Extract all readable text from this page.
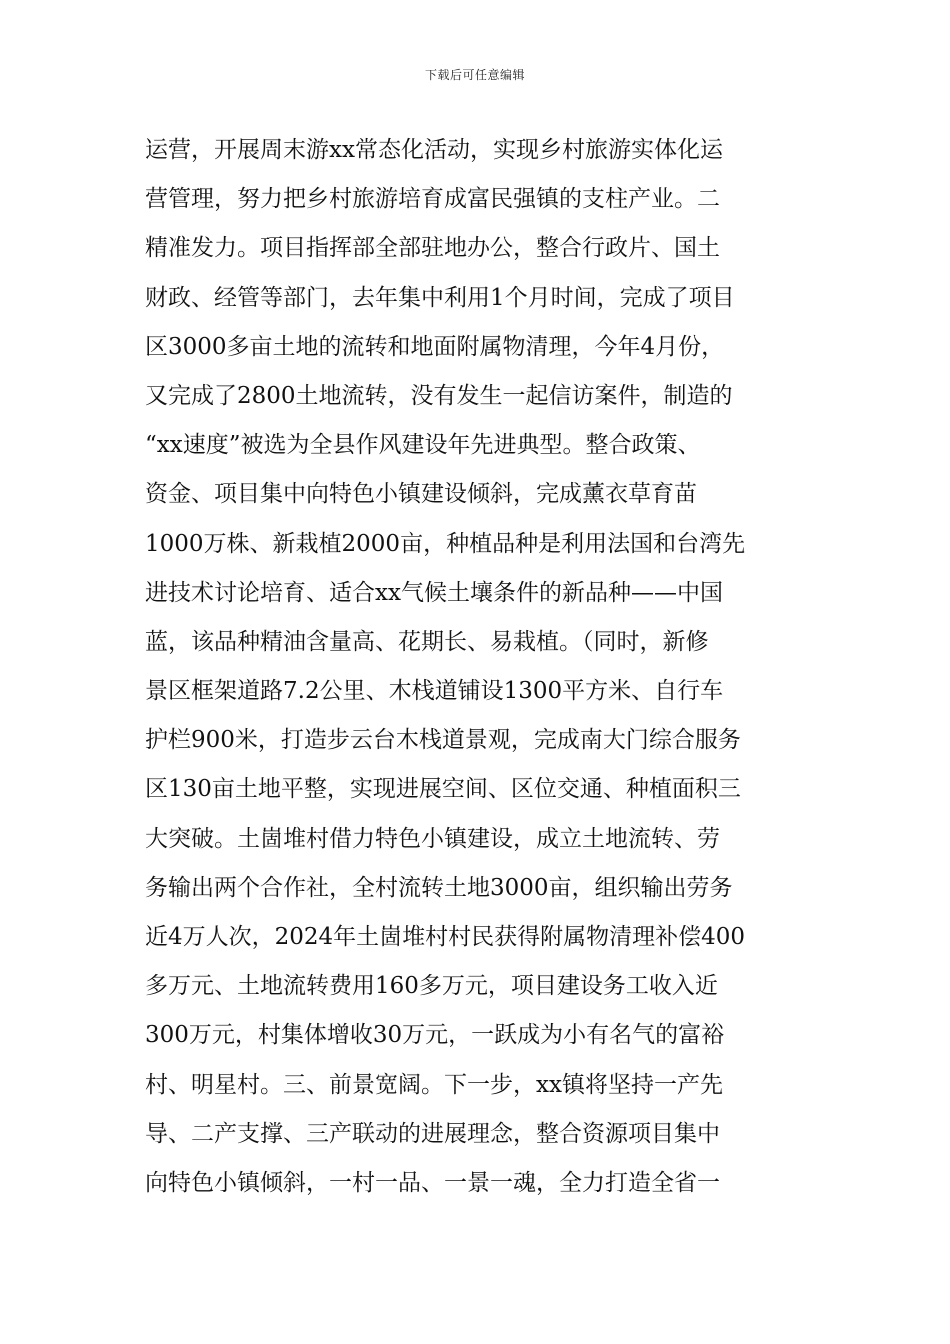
下载后可任意编辑
运营，开展周末游xx常态化活动，实现乡村旅游实体化运
营管理，努力把乡村旅游培育成富民强镇的支柱产业。二
精准发力。项目指挥部全部驻地办公，整合行政片、国土
财政、经管等部门，去年集中利用1个月时间，完成了项目
区3000多亩土地的流转和地面附属物清理，今年4月份，
又完成了2800土地流转，没有发生一起信访案件，制造的
“xx速度”被选为全县作风建设年先进典型。整合政策、
资金、项目集中向特色小镇建设倾斜，完成薰衣草育苗
1000万株、新栽植2000亩，种植品种是利用法国和台湾先
进技术讨论培育、适合xx气候土壤条件的新品种——中国
蓝，该品种精油含量高、花期长、易栽植。（同时，新修
景区框架道路7.2公里、木栈道铺设1300平方米、自行车
护栏900米，打造步云台木栈道景观，完成南大门综合服务
区130亩土地平整，实现进展空间、区位交通、种植面积三
大突破。土崮堆村借力特色小镇建设，成立土地流转、劳
务输出两个合作社，全村流转土地3000亩，组织输出劳务
近4万人次，2024年土崮堆村村民获得附属物清理补偿400
多万元、土地流转费用160多万元，项目建设务工收入近
300万元，村集体增收30万元，一跃成为小有名气的富裕
村、明星村。三、前景宽阔。下一步，xx镇将坚持一产先
导、二产支撑、三产联动的进展理念，整合资源项目集中
向特色小镇倾斜，一村一品、一景一魂，全力打造全省一
